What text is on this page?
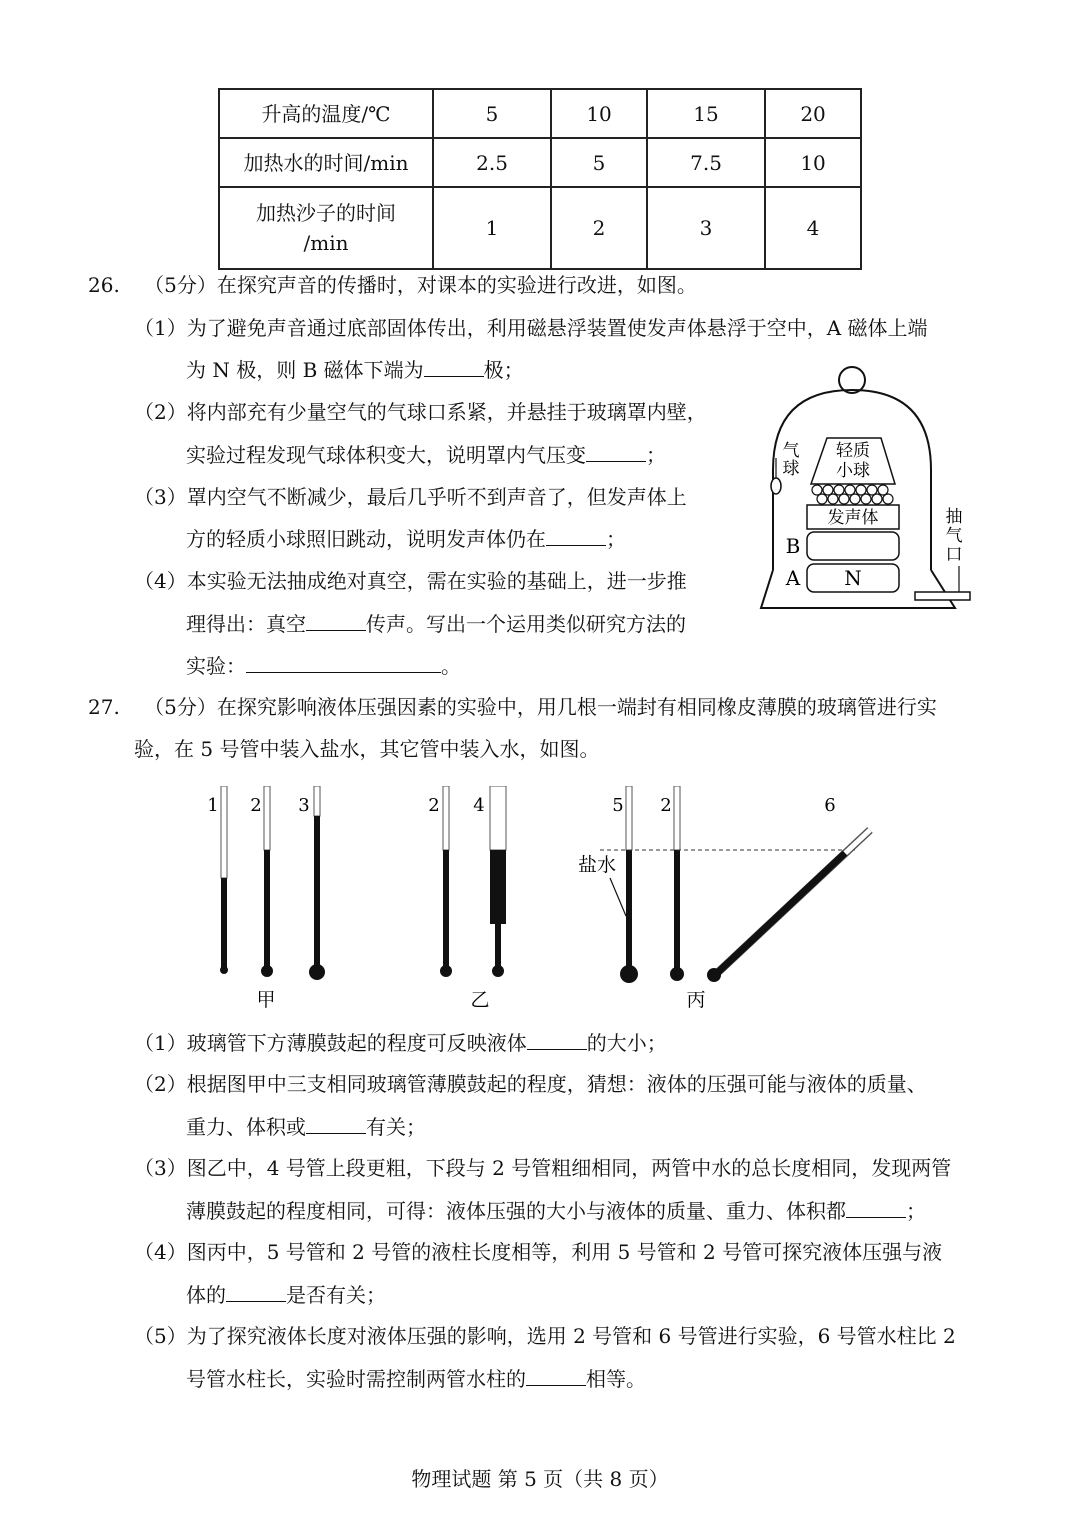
升高的温度/℃	5	10	15	20
加热水的时间/min	2.5	5	7.5	10

加热沙子的时间
/min	1	2	3	4
26. （5分）在探究声音的传播时，对课本的实验进行改进，如图。
（1）为了避免声音通过底部固体传出，利用磁悬浮装置使发声体悬浮于空中，A 磁体上端
为 N 极，则 B 磁体下端为	极；
（2）将内部充有少量空气的气球口系紧，并悬挂于玻璃罩内壁，
实验过程发现气球体积变大，说明罩内气压变	；
（3）罩内空气不断减少，最后几乎听不到声音了，但发声体上
方的轻质小球照旧跳动，说明发声体仍在	；
（4）本实验无法抽成绝对真空，需在实验的基础上，进一步推
理得出：真空	传声。写出一个运用类似研究方法的
实验：	。
气
球
轻质
小球
发声体
B
A N
抽
气
口
27. （5分）在探究影响液体压强因素的实验中，用几根一端封有相同橡皮薄膜的玻璃管进行实
验，在 5 号管中装入盐水，其它管中装入水，如图。
1 2 3
甲
2 4
乙
5 2
盐水
6
丙
（1）玻璃管下方薄膜鼓起的程度可反映液体	的大小；
（2）根据图甲中三支相同玻璃管薄膜鼓起的程度，猜想：液体的压强可能与液体的质量、
重力、体积或	有关；
（3）图乙中，4 号管上段更粗，下段与 2 号管粗细相同，两管中水的总长度相同，发现两管
薄膜鼓起的程度相同，可得：液体压强的大小与液体的质量、重力、体积都	；
（4）图丙中，5 号管和 2 号管的液柱长度相等，利用 5 号管和 2 号管可探究液体压强与液
体的	是否有关；
（5）为了探究液体长度对液体压强的影响，选用 2 号管和 6 号管进行实验，6 号管水柱比 2
号管水柱长，实验时需控制两管水柱的	相等。
物理试题 第 5 页（共 8 页）
